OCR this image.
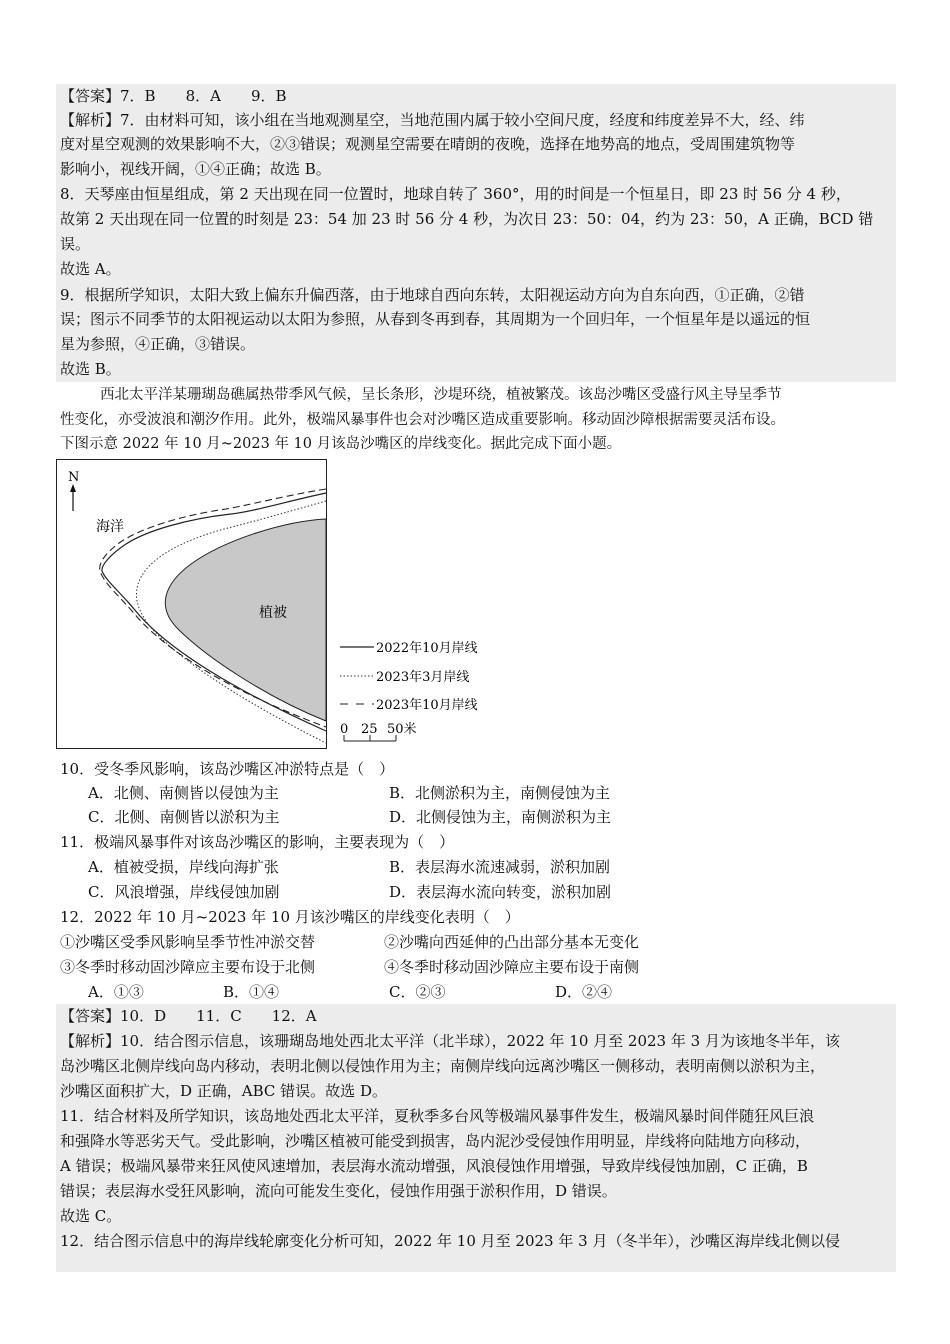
【答案】7．B　　8．A　　9．B
【解析】7．由材料可知，该小组在当地观测星空，当地范围内属于较小空间尺度，经度和纬度差异不大，经、纬
度对星空观测的效果影响不大，②③错误；观测星空需要在晴朗的夜晚，选择在地势高的地点，受周围建筑物等
影响小，视线开阔，①④正确；故选 B。
8．天琴座由恒星组成，第 2 天出现在同一位置时，地球自转了 360°，用的时间是一个恒星日，即 23 时 56 分 4 秒，
故第 2 天出现在同一位置的时刻是 23：54 加 23 时 56 分 4 秒，为次日 23：50：04，约为 23：50，A 正确，BCD 错
误。
故选 A。
9．根据所学知识，太阳大致上偏东升偏西落，由于地球自西向东转，太阳视运动方向为自东向西，①正确，②错
误；图示不同季节的太阳视运动以太阳为参照，从春到冬再到春，其周期为一个回归年，一个恒星年是以遥远的恒
星为参照，④正确，③错误。
故选 B。
西北太平洋某珊瑚岛礁属热带季风气候，呈长条形，沙堤环绕，植被繁茂。该岛沙嘴区受盛行风主导呈季节
性变化，亦受波浪和潮汐作用。此外，极端风暴事件也会对沙嘴区造成重要影响。移动固沙障根据需要灵活布设。
下图示意 2022 年 10 月~2023 年 10 月该岛沙嘴区的岸线变化。据此完成下面小题。
N
海洋
植被
2022年10月岸线
2023年3月岸线
2023年10月岸线
0 25 50米
10．受冬季风影响，该岛沙嘴区冲淤特点是（　）
A．北侧、南侧皆以侵蚀为主	B．北侧淤积为主，南侧侵蚀为主
C．北侧、南侧皆以淤积为主	D．北侧侵蚀为主，南侧淤积为主
11．极端风暴事件对该岛沙嘴区的影响，主要表现为（　）
A．植被受损，岸线向海扩张	B．表层海水流速减弱，淤积加剧
C．风浪增强，岸线侵蚀加剧	D．表层海水流向转变，淤积加剧
12．2022 年 10 月~2023 年 10 月该沙嘴区的岸线变化表明（　）
①沙嘴区受季风影响呈季节性冲淤交替	②沙嘴向西延伸的凸出部分基本无变化
③冬季时移动固沙障应主要布设于北侧	④冬季时移动固沙障应主要布设于南侧
A．①③	B．①④	C．②③	D．②④
【答案】10．D　　11．C　　12．A
【解析】10．结合图示信息，该珊瑚岛地处西北太平洋（北半球），2022 年 10 月至 2023 年 3 月为该地冬半年，该
岛沙嘴区北侧岸线向岛内移动，表明北侧以侵蚀作用为主；南侧岸线向远离沙嘴区一侧移动，表明南侧以淤积为主，
沙嘴区面积扩大，D 正确，ABC 错误。故选 D。
11．结合材料及所学知识，该岛地处西北太平洋，夏秋季多台风等极端风暴事件发生，极端风暴时间伴随狂风巨浪
和强降水等恶劣天气。受此影响，沙嘴区植被可能受到损害，岛内泥沙受侵蚀作用明显，岸线将向陆地方向移动，
A 错误；极端风暴带来狂风使风速增加，表层海水流动增强，风浪侵蚀作用增强，导致岸线侵蚀加剧，C 正确，B
错误；表层海水受狂风影响，流向可能发生变化，侵蚀作用强于淤积作用，D 错误。
故选 C。
12．结合图示信息中的海岸线轮廓变化分析可知，2022 年 10 月至 2023 年 3 月（冬半年），沙嘴区海岸线北侧以侵
